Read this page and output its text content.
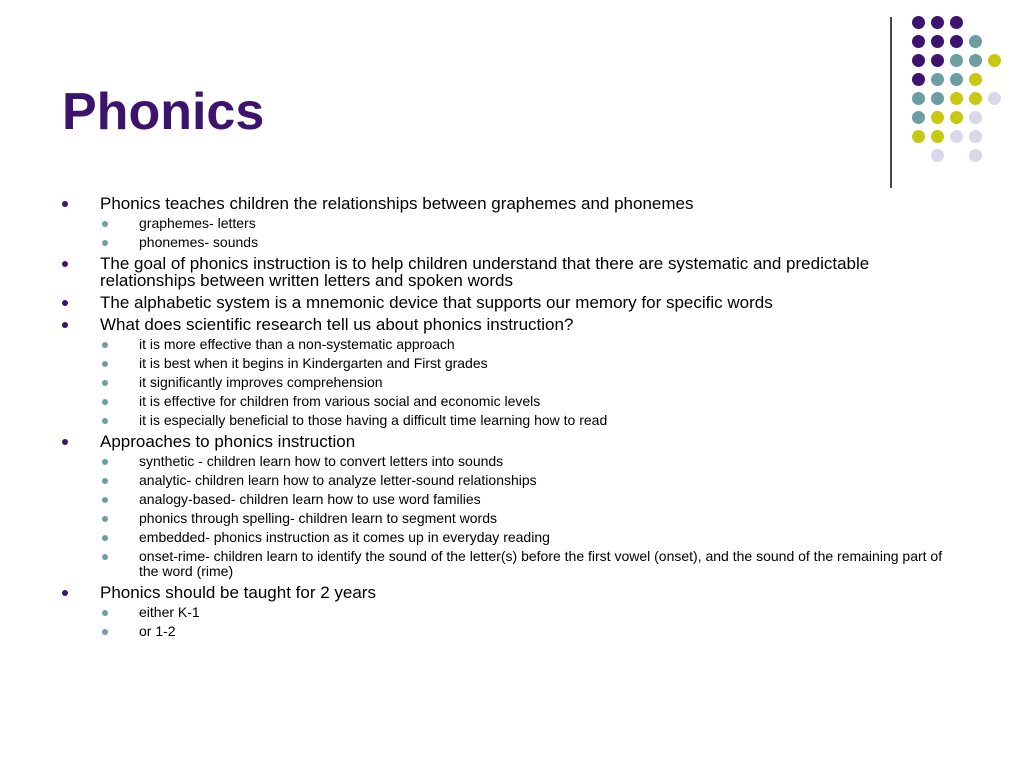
Phonics
Phonics teaches children the relationships between graphemes and phonemes
graphemes- letters
phonemes- sounds
The goal of phonics instruction is to help children understand that there are systematic and predictable relationships between written letters and spoken words
The alphabetic system is a mnemonic device that supports our memory for specific words
What does scientific research tell us about phonics instruction?
it is more effective than a non-systematic approach
it is best when it begins in Kindergarten and First grades
it significantly improves comprehension
it is effective for children from various social and economic levels
it is especially beneficial to those having a difficult time learning how to read
Approaches to phonics instruction
synthetic - children learn how to convert letters into sounds
analytic- children learn how to analyze letter-sound relationships
analogy-based- children learn how to use word families
phonics through spelling- children learn to segment words
embedded- phonics instruction as it comes up in everyday reading
onset-rime- children learn to identify the sound of the letter(s) before the first vowel (onset), and the sound of the remaining part of the word (rime)
Phonics should be taught for 2 years
either K-1
or 1-2
